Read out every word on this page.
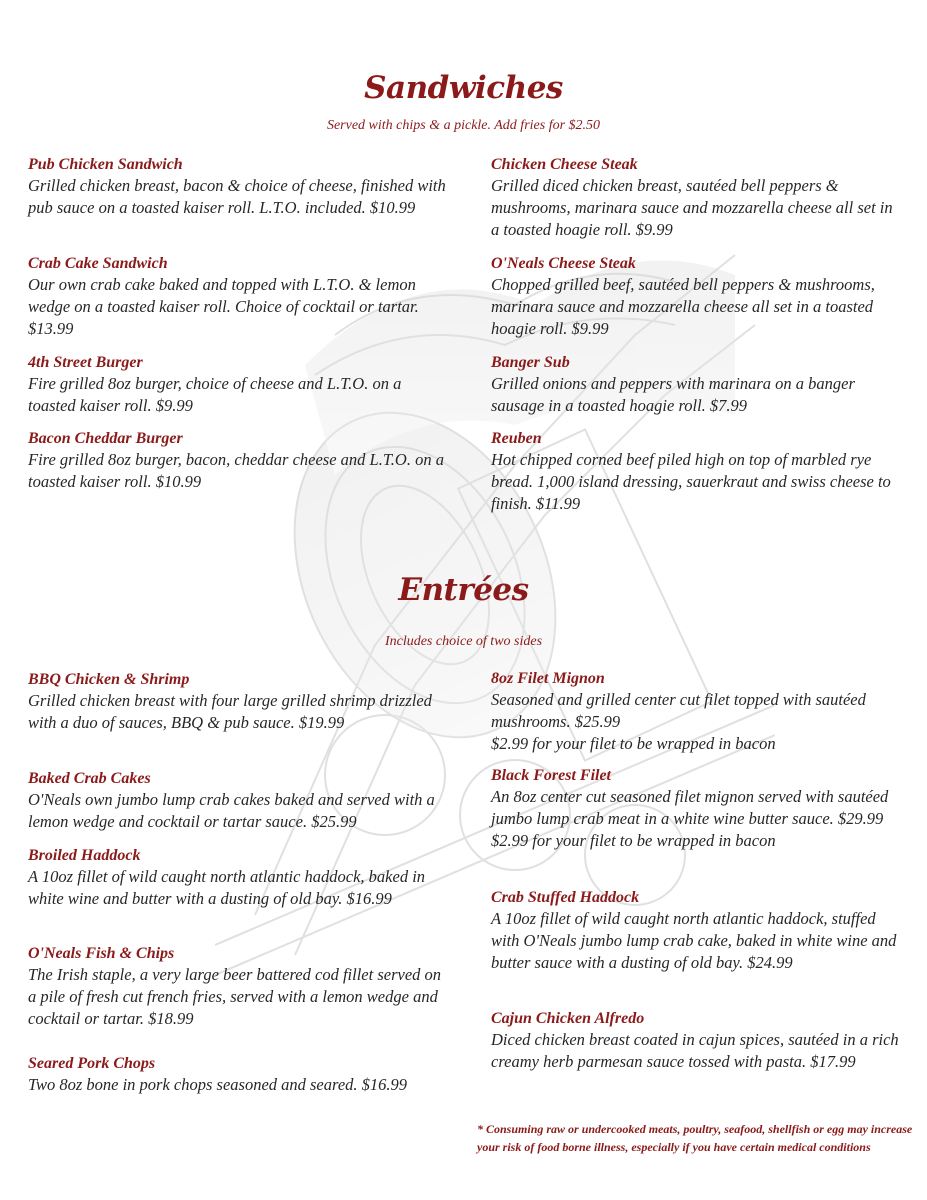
Sandwiches
Served with chips & a pickle. Add fries for $2.50
Pub Chicken Sandwich
Grilled chicken breast, bacon & choice of cheese, finished with pub sauce on a toasted kaiser roll. L.T.O. included. $10.99
Crab Cake Sandwich
Our own crab cake baked and topped with L.T.O. & lemon wedge on a toasted kaiser roll. Choice of cocktail or tartar. $13.99
4th Street Burger
Fire grilled 8oz burger, choice of cheese and L.T.O. on a toasted kaiser roll. $9.99
Bacon Cheddar Burger
Fire grilled 8oz burger, bacon, cheddar cheese and L.T.O. on a toasted kaiser roll. $10.99
Chicken Cheese Steak
Grilled diced chicken breast, sautéed bell peppers & mushrooms, marinara sauce and mozzarella cheese all set in a toasted hoagie roll. $9.99
O'Neals Cheese Steak
Chopped grilled beef, sautéed bell peppers & mushrooms, marinara sauce and mozzarella cheese all set in a toasted hoagie roll. $9.99
Banger Sub
Grilled onions and peppers with marinara on a banger sausage in a toasted hoagie roll. $7.99
Reuben
Hot chipped corned beef piled high on top of marbled rye bread. 1,000 island dressing, sauerkraut and swiss cheese to finish. $11.99
Entrées
Includes choice of two sides
BBQ Chicken & Shrimp
Grilled chicken breast with four large grilled shrimp drizzled with a duo of sauces, BBQ & pub sauce. $19.99
Baked Crab Cakes
O'Neals own jumbo lump crab cakes baked and served with a lemon wedge and cocktail or tartar sauce. $25.99
Broiled Haddock
A 10oz fillet of wild caught north atlantic haddock, baked in white wine and butter with a dusting of old bay. $16.99
O'Neals Fish & Chips
The Irish staple, a very large beer battered cod fillet served on a pile of fresh cut french fries, served with a lemon wedge and cocktail or tartar. $18.99
Seared Pork Chops
Two 8oz bone in pork chops seasoned and seared. $16.99
8oz Filet Mignon
Seasoned and grilled center cut filet topped with sautéed mushrooms. $25.99
$2.99 for your filet to be wrapped in bacon
Black Forest Filet
An 8oz center cut seasoned filet mignon served with sautéed jumbo lump crab meat in a white wine butter sauce. $29.99
$2.99 for your filet to be wrapped in bacon
Crab Stuffed Haddock
A 10oz fillet of wild caught north atlantic haddock, stuffed with O'Neals jumbo lump crab cake, baked in white wine and butter sauce with a dusting of old bay. $24.99
Cajun Chicken Alfredo
Diced chicken breast coated in cajun spices, sautéed in a rich creamy herb parmesan sauce tossed with pasta. $17.99
* Consuming raw or undercooked meats, poultry, seafood, shellfish or egg may increase your risk of food borne illness, especially if you have certain medical conditions
